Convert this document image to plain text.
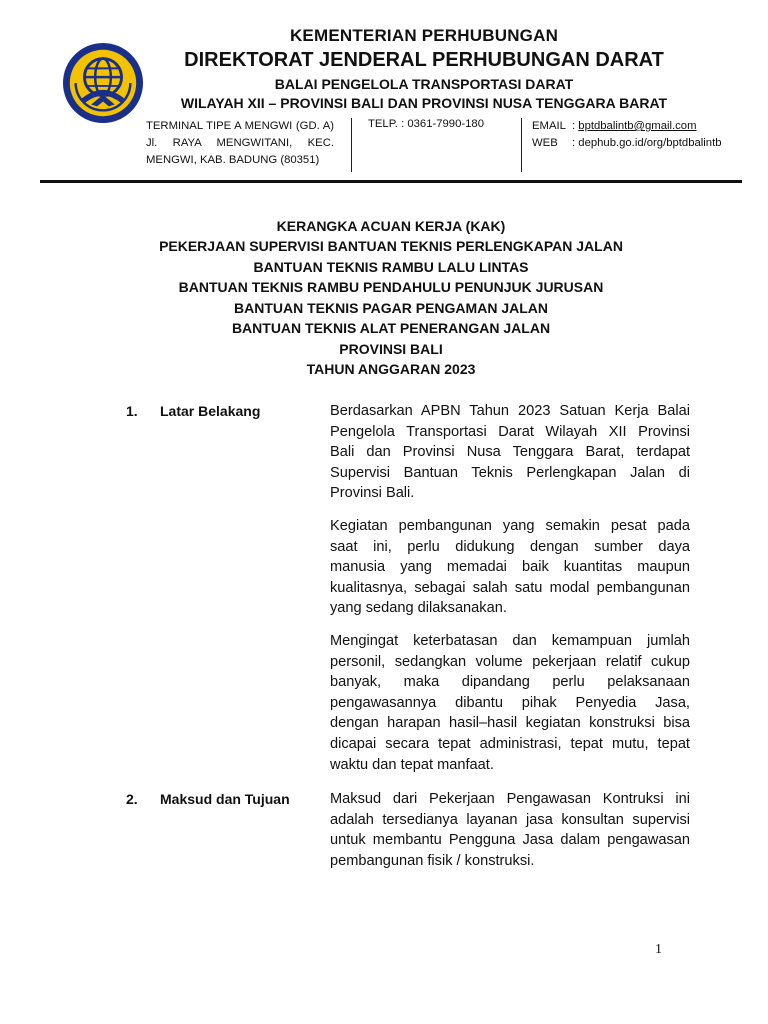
KEMENTERIAN PERHUBUNGAN
DIREKTORAT JENDERAL PERHUBUNGAN DARAT
BALAI PENGELOLA TRANSPORTASI DARAT
WILAYAH XII – PROVINSI BALI DAN PROVINSI NUSA TENGGARA BARAT
TERMINAL TIPE A MENGWI (GD. A)
Jl. RAYA MENGWITANI, KEC.
MENGWI, KAB. BADUNG (80351)
TELP. : 0361-7990-180	EMAIL : bptdbalintb@gmail.com
WEB : dephub.go.id/org/bptdbalintb
KERANGKA ACUAN KERJA (KAK)
PEKERJAAN SUPERVISI BANTUAN TEKNIS PERLENGKAPAN JALAN
BANTUAN TEKNIS RAMBU LALU LINTAS
BANTUAN TEKNIS RAMBU PENDAHULU PENUNJUK JURUSAN
BANTUAN TEKNIS PAGAR PENGAMAN JALAN
BANTUAN TEKNIS ALAT PENERANGAN JALAN
PROVINSI BALI
TAHUN ANGGARAN 2023
1. Latar Belakang	Berdasarkan APBN Tahun 2023 Satuan Kerja Balai
Pengelola Transportasi Darat Wilayah XII Provinsi
Bali dan Provinsi Nusa Tenggara Barat, terdapat
Supervisi Bantuan Teknis Perlengkapan Jalan di
Provinsi Bali.
Kegiatan pembangunan yang semakin pesat pada
saat ini, perlu didukung dengan sumber daya
manusia yang memadai baik kuantitas maupun
kualitasnya, sebagai salah satu modal pembangunan
yang sedang dilaksanakan.
Mengingat keterbatasan dan kemampuan jumlah
personil, sedangkan volume pekerjaan relatif cukup
banyak, maka dipandang perlu pelaksanaan
pengawasannya dibantu pihak Penyedia Jasa,
dengan harapan hasil–hasil kegiatan konstruksi bisa
dicapai secara tepat administrasi, tepat mutu, tepat
waktu dan tepat manfaat.
2. Maksud dan Tujuan	Maksud dari Pekerjaan Pengawasan Kontruksi ini
adalah tersedianya layanan jasa konsultan supervisi
untuk membantu Pengguna Jasa dalam pengawasan
pembangunan fisik / konstruksi.
1
